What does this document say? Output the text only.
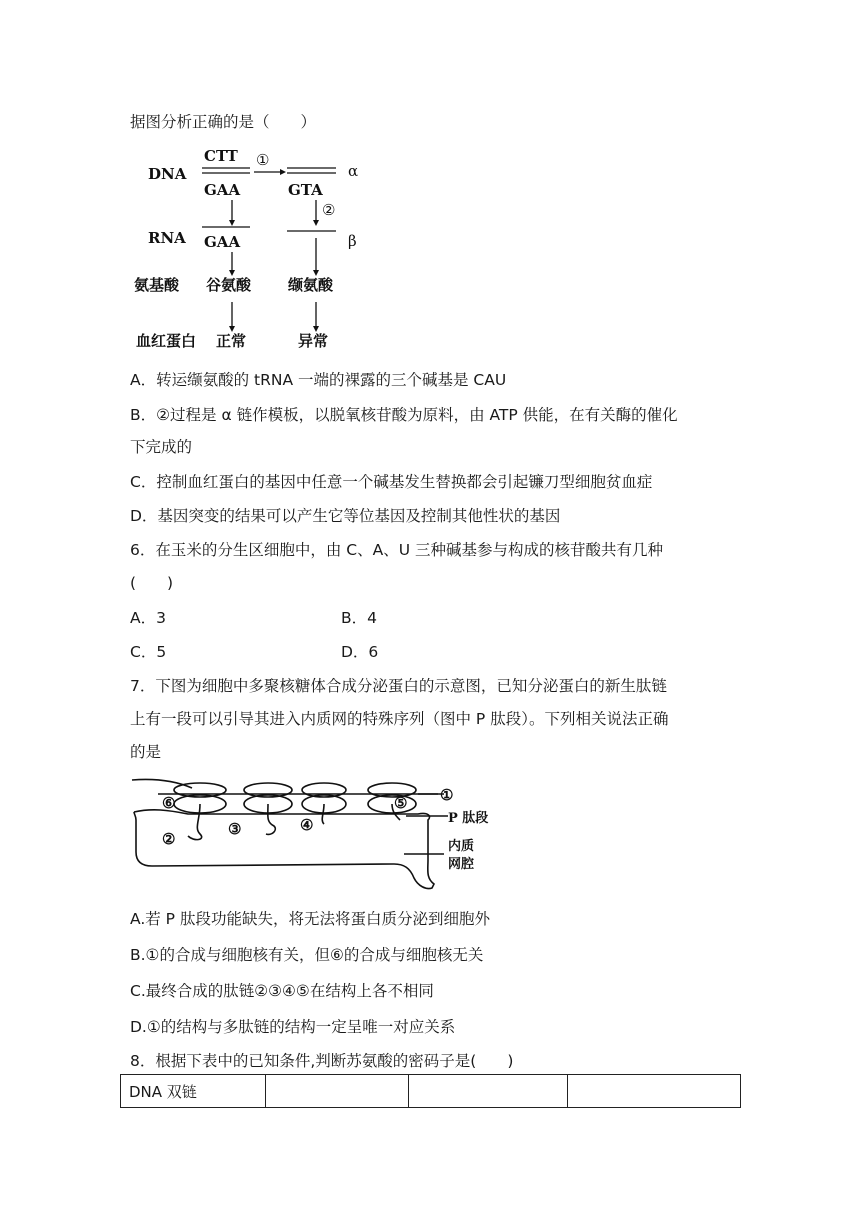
据图分析正确的是（　　）
DNA
RNA
氨基酸
血红蛋白
CTT
GAA	GTA
①
②
α
β
GAA
谷氨酸 缬氨酸
正常	异常
A．转运缬氨酸的 tRNA 一端的裸露的三个碱基是 CAU
B．②过程是 α 链作模板，以脱氧核苷酸为原料，由 ATP 供能，在有关酶的催化
下完成的
C．控制血红蛋白的基因中任意一个碱基发生替换都会引起镰刀型细胞贫血症
D．基因突变的结果可以产生它等位基因及控制其他性状的基因
6．在玉米的分生区细胞中，由 C、A、U 三种碱基参与构成的核苷酸共有几种
(　　)
A．3	B．4
C．5	D．6
7．下图为细胞中多聚核糖体合成分泌蛋白的示意图，已知分泌蛋白的新生肽链
上有一段可以引导其进入内质网的特殊序列（图中 P 肽段）。下列相关说法正确
的是
⑥
②
③	④
⑤ ①
P 肽段
内质
网腔
A.若 P 肽段功能缺失，将无法将蛋白质分泌到细胞外
B.①的合成与细胞核有关，但⑥的合成与细胞核无关
C.最终合成的肽链②③④⑤在结构上各不相同
D.①的结构与多肽链的结构一定呈唯一对应关系
8．根据下表中的已知条件,判断苏氨酸的密码子是(　　)
DNA 双链			
